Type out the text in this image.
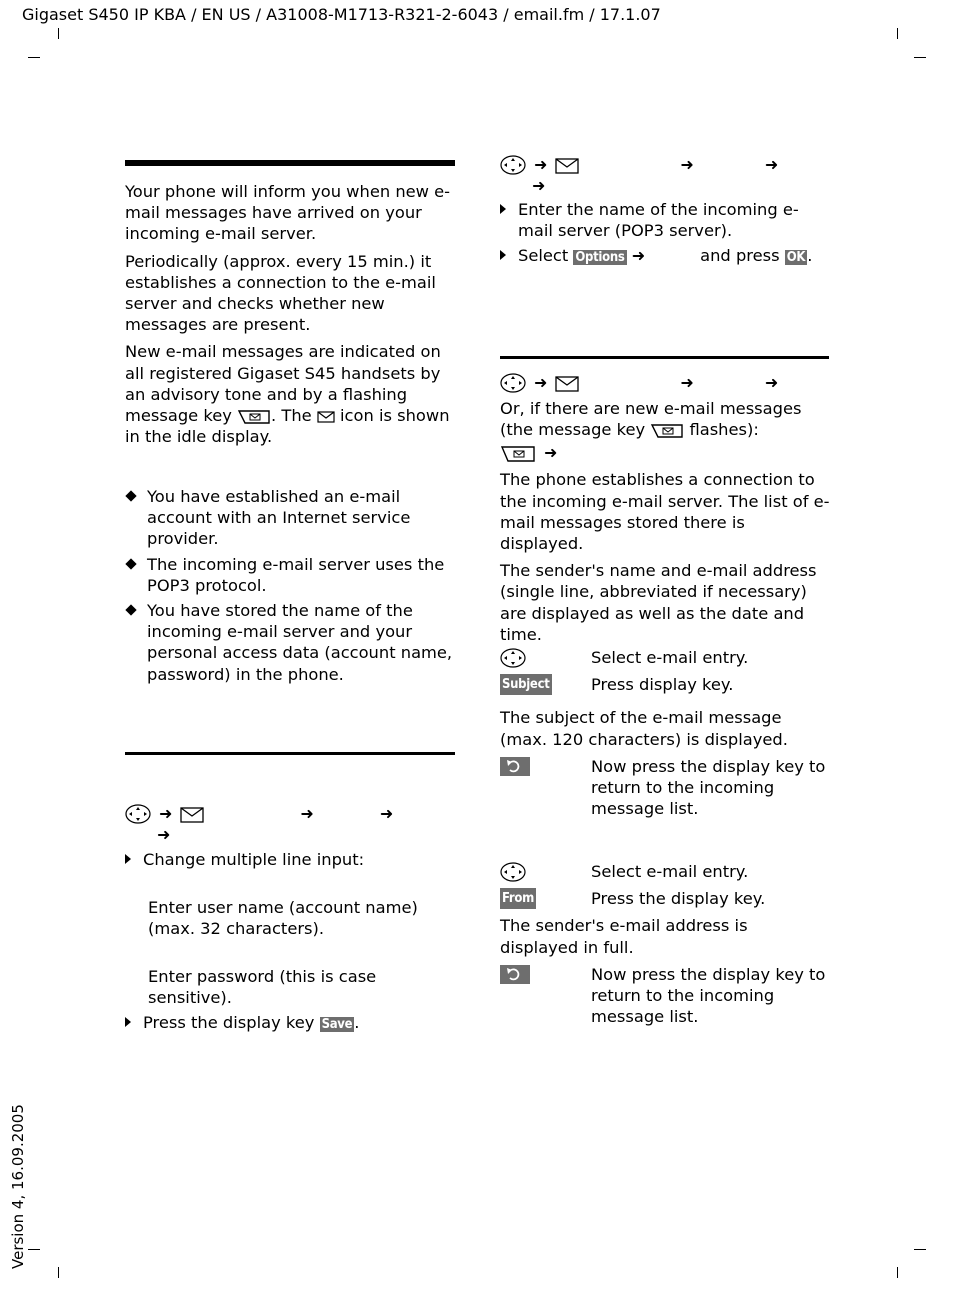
Gigaset S450 IP KBA / EN US / A31008-M1713-R321-2-6043 / email.fm / 17.1.07
Version 4, 16.09.2005

Your phone will inform you when new e-mail messages have arrived on your incoming e-mail server.

Periodically (approx. every 15 min.) it establishes a connection to the e-mail server and checks whether new messages are present.

New e-mail messages are indicated on all registered Gigaset S45 handsets by an advisory tone and by a flashing message key . The  icon is shown in the idle display.

You have established an e-mail account with an Internet service provider.
The incoming e-mail server uses the POP3 protocol.
You have stored the name of the incoming e-mail server and your personal access data (account name, password) in the phone.
➜	➜	➜
➜
Change multiple line input:
Enter user name (account name) (max. 32 characters).
Enter password (this is case sensitive).
Press the display key Save .
➜	➜	➜
➜
Enter the name of the incoming e-mail server (POP3 server).
Select Options ➜	and press OK .
➜	➜	➜
Or, if there are new e-mail messages (the message key  flashes):
➜

The phone establishes a connection to the incoming e-mail server. The list of e-mail messages stored there is displayed.

The sender's name and e-mail address (single line, abbreviated if necessary) are displayed as well as the date and time.

Select e-mail entry.
Subject	Press display key.

The subject of the e-mail message (max. 120 characters) is displayed.

Now press the display key to return to the incoming message list.
Select e-mail entry.
From	Press the display key.

The sender's e-mail address is displayed in full.

Now press the display key to return to the incoming message list.
